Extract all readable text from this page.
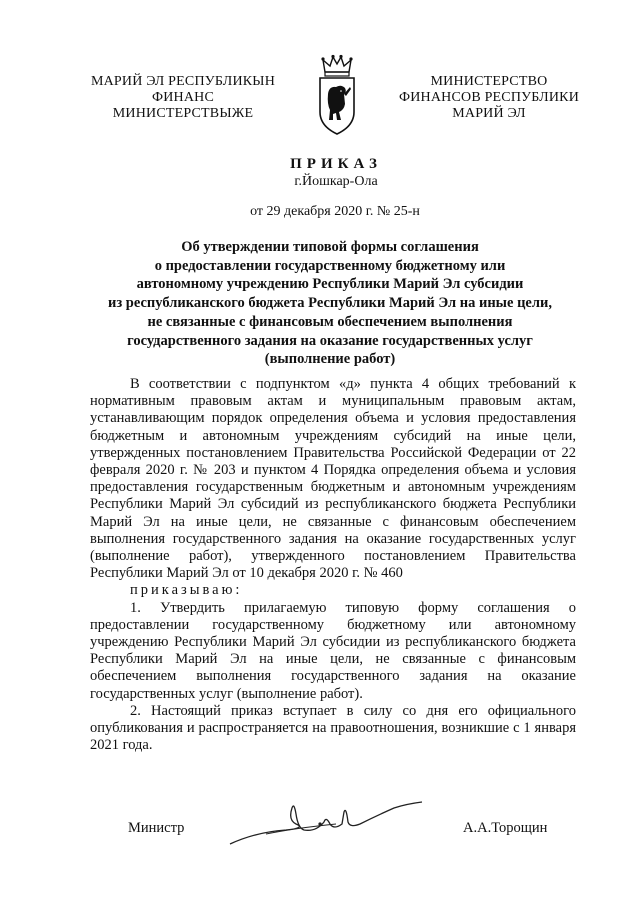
МАРИЙ ЭЛ РЕСПУБЛИКЫН
ФИНАНС
МИНИСТЕРСТВЫЖЕ
МИНИСТЕРСТВО
ФИНАНСОВ РЕСПУБЛИКИ
МАРИЙ ЭЛ
ПРИКАЗ
г.Йошкар-Ола
от 29 декабря 2020 г. № 25-н
Об утверждении типовой формы соглашения
о предоставлении государственному бюджетному или
автономному учреждению Республики Марий Эл субсидии
из республиканского бюджета Республики Марий Эл на иные цели,
не связанные с финансовым обеспечением выполнения
государственного задания на оказание государственных услуг
(выполнение работ)

В соответствии с подпунктом «д» пункта 4 общих требований к нормативным правовым актам и муниципальным правовым актам, устанавливающим порядок определения объема и условия предоставления бюджетным и автономным учреждениям субсидий на иные цели, утвержденных постановлением Правительства Российской Федерации от 22 февраля 2020 г. № 203 и пунктом 4 Порядка определения объема и условия предоставления государственным бюджетным и автономным учреждениям Республики Марий Эл субсидий из республиканского бюджета Республики Марий Эл на иные цели, не связанные с финансовым обеспечением выполнения государственного задания на оказание государственных услуг (выполнение работ), утвержденного постановлением Правительства Республики Марий Эл от 10 декабря 2020 г. № 460

приказываю:

1. Утвердить прилагаемую типовую форму соглашения о предоставлении государственному бюджетному или автономному учреждению Республики Марий Эл субсидии из республиканского бюджета Республики Марий Эл на иные цели, не связанные с финансовым обеспечением выполнения государственного задания на оказание государственных услуг (выполнение работ).

2. Настоящий приказ вступает в силу со дня его официального опубликования и распространяется на правоотношения, возникшие с 1 января 2021 года.

Министр	А.А.Торощин
